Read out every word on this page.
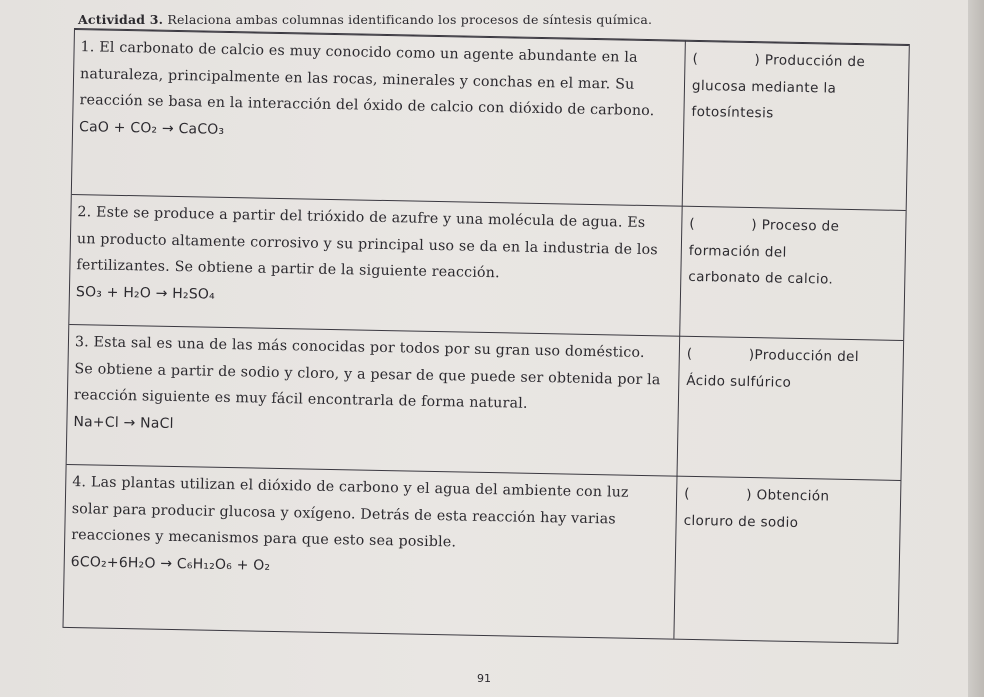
Actividad 3. Relaciona ambas columnas identificando los procesos de síntesis química.
1. El carbonato de calcio es muy conocido como un agente abundante en la
naturaleza, principalmente en las rocas, minerales y conchas en el mar. Su
reacción se basa en la interacción del óxido de calcio con dióxido de carbono.
CaO + CO₂ → CaCO₃
(	) Producción de
glucosa mediante la
fotosíntesis
2. Este se produce a partir del trióxido de azufre y una molécula de agua. Es
un producto altamente corrosivo y su principal uso se da en la industria de los
fertilizantes. Se obtiene a partir de la siguiente reacción.
SO₃ + H₂O → H₂SO₄
(	) Proceso de
formación del
carbonato de calcio.
3. Esta sal es una de las más conocidas por todos por su gran uso doméstico.
Se obtiene a partir de sodio y cloro, y a pesar de que puede ser obtenida por la
reacción siguiente es muy fácil encontrarla de forma natural.
Na+Cl → NaCl
(	)Producción del
Ácido sulfúrico
4. Las plantas utilizan el dióxido de carbono y el agua del ambiente con luz
solar para producir glucosa y oxígeno. Detrás de esta reacción hay varias
reacciones y mecanismos para que esto sea posible.
6CO₂+6H₂O → C₆H₁₂O₆ + O₂
(	) Obtención
cloruro de sodio
91
